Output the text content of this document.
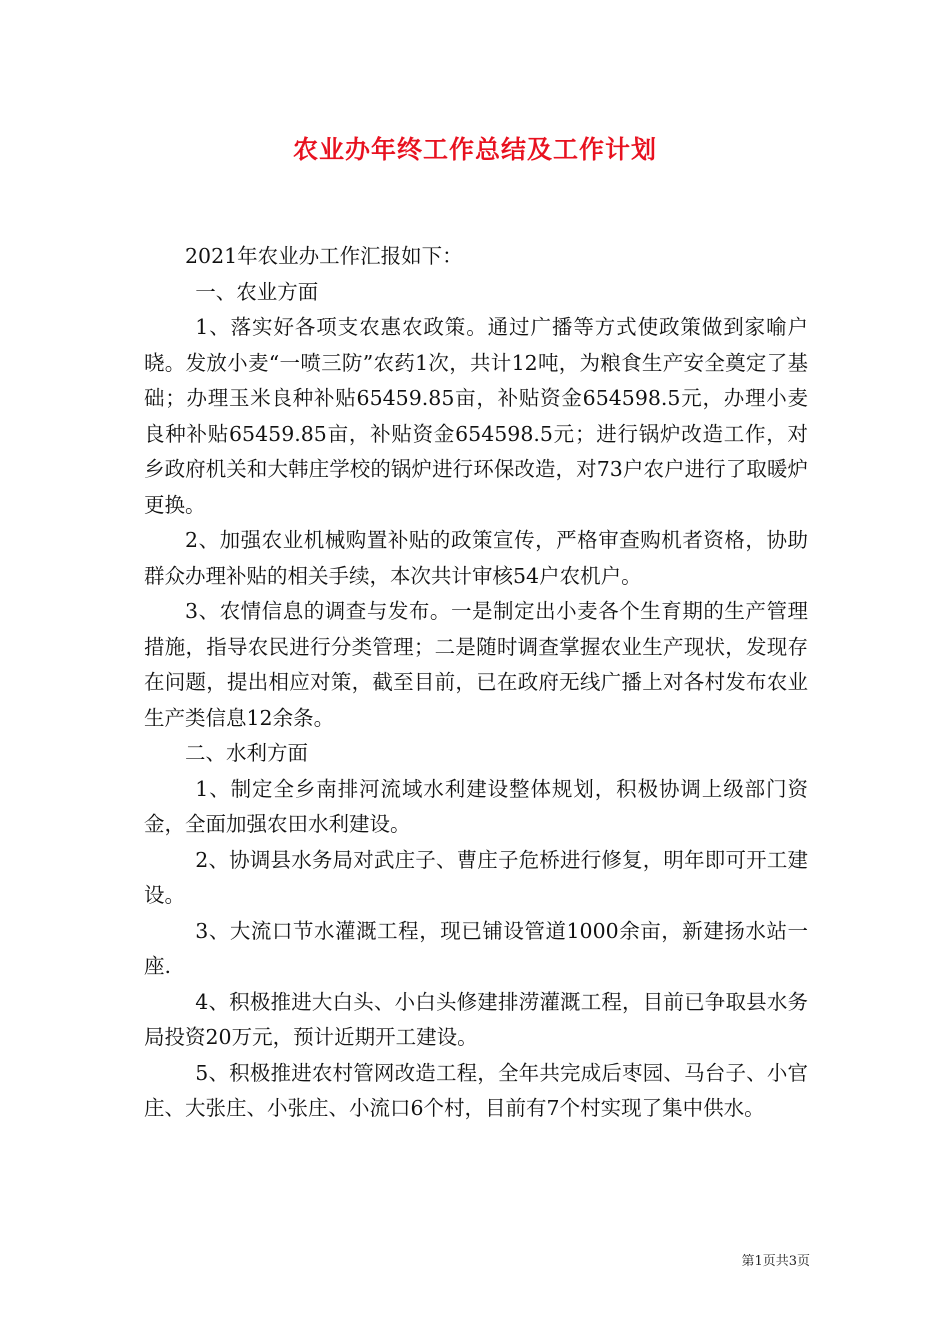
农业办年终工作总结及工作计划

2021年农业办工作汇报如下：

一、农业方面

1、落实好各项支农惠农政策。通过广播等方式使政策做到家喻户晓。发放小麦“一喷三防”农药1次，共计12吨，为粮食生产安全奠定了基础；办理玉米良种补贴65459.85亩，补贴资金654598.5元，办理小麦良种补贴65459.85亩，补贴资金654598.5元；进行锅炉改造工作，对乡政府机关和大韩庄学校的锅炉进行环保改造，对73户农户进行了取暖炉更换。

2、加强农业机械购置补贴的政策宣传，严格审查购机者资格，协助群众办理补贴的相关手续，本次共计审核54户农机户。

3、农情信息的调查与发布。一是制定出小麦各个生育期的生产管理措施，指导农民进行分类管理；二是随时调查掌握农业生产现状，发现存在问题，提出相应对策，截至目前，已在政府无线广播上对各村发布农业生产类信息12余条。

二、水利方面

1、制定全乡南排河流域水利建设整体规划，积极协调上级部门资金，全面加强农田水利建设。

2、协调县水务局对武庄子、曹庄子危桥进行修复，明年即可开工建设。

3、大流口节水灌溉工程，现已铺设管道1000余亩，新建扬水站一座.

4、积极推进大白头、小白头修建排涝灌溉工程，目前已争取县水务局投资20万元，预计近期开工建设。

5、积极推进农村管网改造工程，全年共完成后枣园、马台子、小官庄、大张庄、小张庄、小流口6个村，目前有7个村实现了集中供水。

第1页共3页
